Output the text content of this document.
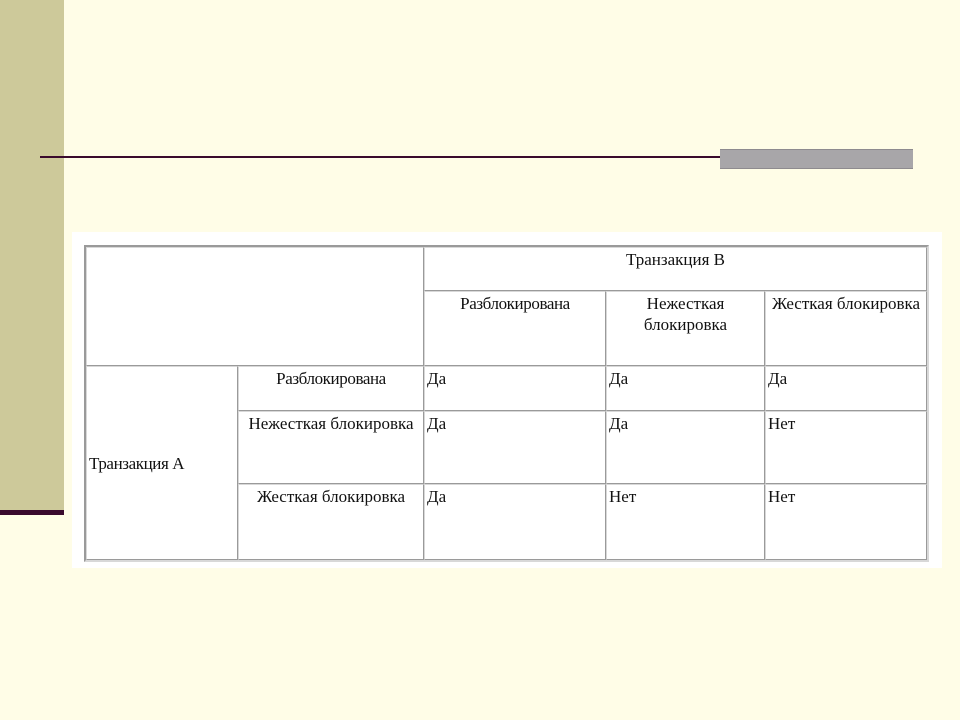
		Транзакция B		
		Разблокирована	Нежесткая блокировка	Жесткая блокировка
Транзакция A	Разблокирована	Да	Да	Да
	Нежесткая блокировка	Да	Да	Нет
	Жесткая блокировка	Да	Нет	Нет
